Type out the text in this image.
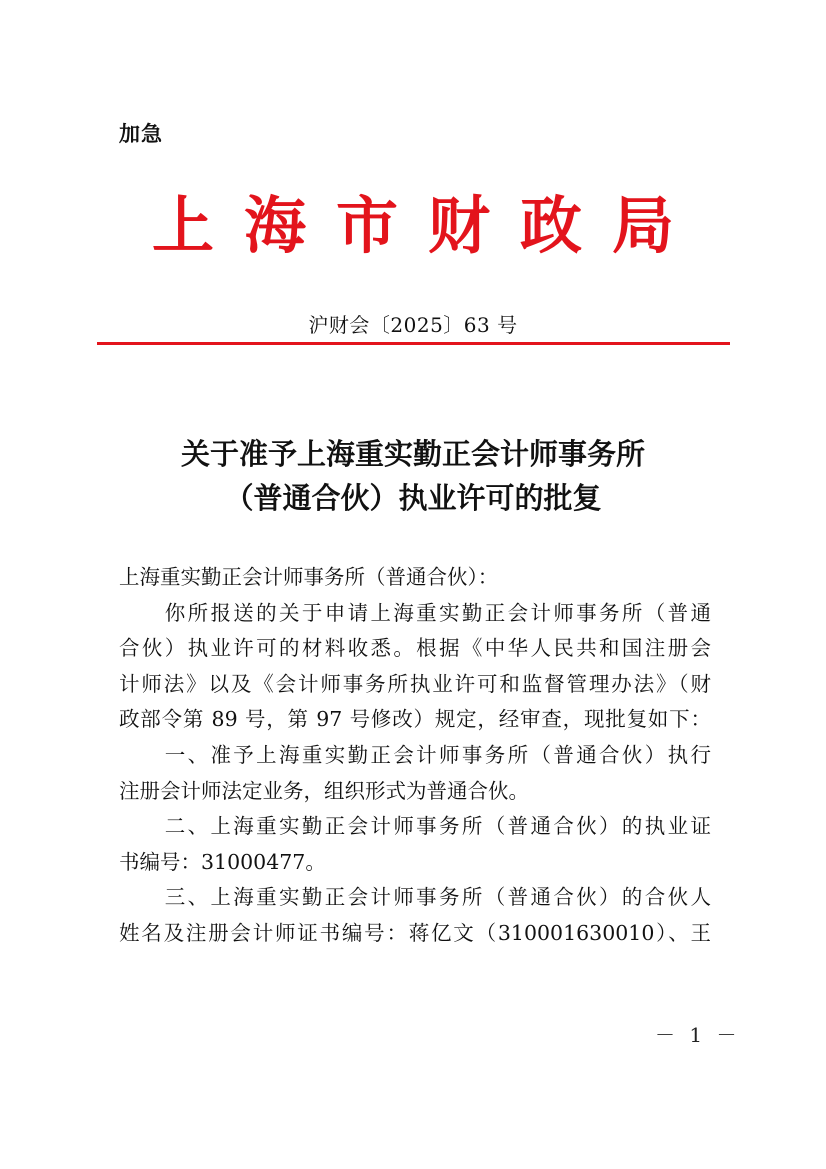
加急
上海市财政局
沪财会〔2025〕63 号
关于准予上海重实勤正会计师事务所
（普通合伙）执业许可的批复
上海重实勤正会计师事务所（普通合伙）：
　　你所报送的关于申请上海重实勤正会计师事务所（普通
合伙）执业许可的材料收悉。根据《中华人民共和国注册会
计师法》以及《会计师事务所执业许可和监督管理办法》（财
政部令第 89 号，第 97 号修改）规定，经审查，现批复如下：
　　一、准予上海重实勤正会计师事务所（普通合伙）执行
注册会计师法定业务，组织形式为普通合伙。
　　二、上海重实勤正会计师事务所（普通合伙）的执业证
书编号：31000477。
　　三、上海重实勤正会计师事务所（普通合伙）的合伙人
姓名及注册会计师证书编号：蒋亿文（310001630010）、王
－ 1 －
